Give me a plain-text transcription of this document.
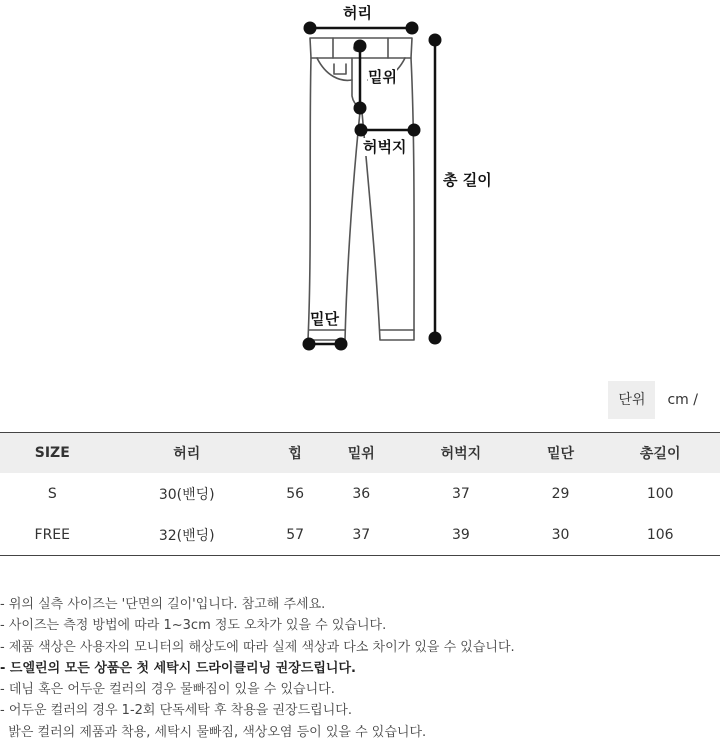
허리
밑위
허벅지
총 길이
밑단
단위	cm /
SIZE	허리	힙	밑위	허벅지	밑단	총길이
S	30(밴딩)	56	36	37	29	100
FREE	32(밴딩)	57	37	39	30	106
- 위의 실측 사이즈는 '단면의 길이'입니다. 참고해 주세요.
- 사이즈는 측정 방법에 따라 1~3cm 정도 오차가 있을 수 있습니다.
- 제품 색상은 사용자의 모니터의 해상도에 따라 실제 색상과 다소 차이가 있을 수 있습니다.
- 드엘린의 모든 상품은 첫 세탁시 드라이클리닝 권장드립니다.
- 데님 혹은 어두운 컬러의 경우 물빠짐이 있을 수 있습니다.
- 어두운 컬러의 경우 1-2회 단독세탁 후 착용을 권장드립니다.
밝은 컬러의 제품과 착용, 세탁시 물빠짐, 색상오염 등이 있을 수 있습니다.
